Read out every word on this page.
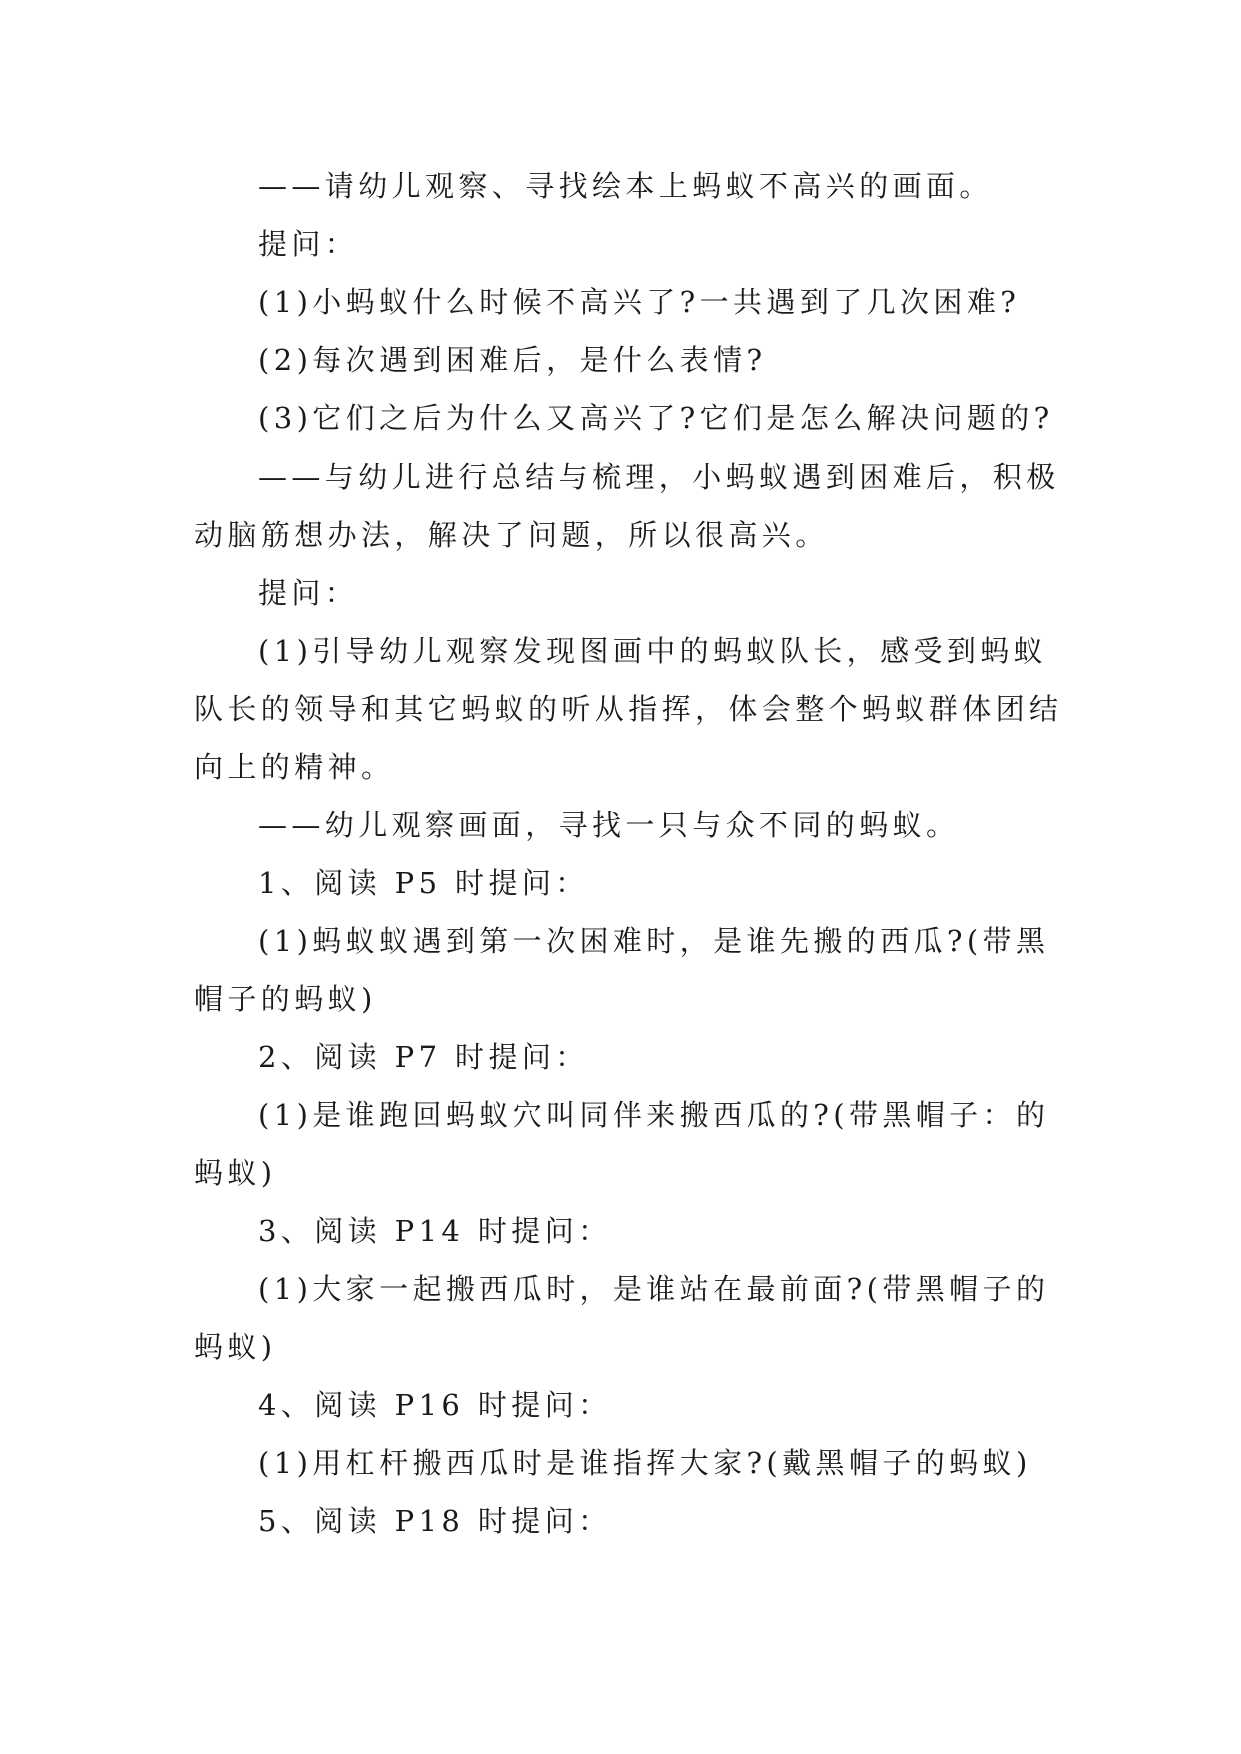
——请幼儿观察、寻找绘本上蚂蚁不高兴的画面。
提问：
(1)小蚂蚁什么时候不高兴了?一共遇到了几次困难?
(2)每次遇到困难后，是什么表情?
(3)它们之后为什么又高兴了?它们是怎么解决问题的?
——与幼儿进行总结与梳理，小蚂蚁遇到困难后，积极
动脑筋想办法，解决了问题，所以很高兴。
提问：
(1)引导幼儿观察发现图画中的蚂蚁队长，感受到蚂蚁
队长的领导和其它蚂蚁的听从指挥，体会整个蚂蚁群体团结
向上的精神。
——幼儿观察画面，寻找一只与众不同的蚂蚁。
1、阅读 P5 时提问：
(1)蚂蚁蚁遇到第一次困难时，是谁先搬的西瓜?(带黑
帽子的蚂蚁)
2、阅读 P7 时提问：
(1)是谁跑回蚂蚁穴叫同伴来搬西瓜的?(带黑帽子：的
蚂蚁)
3、阅读 P14 时提问：
(1)大家一起搬西瓜时，是谁站在最前面?(带黑帽子的
蚂蚁)
4、阅读 P16 时提问：
(1)用杠杆搬西瓜时是谁指挥大家?(戴黑帽子的蚂蚁)
5、阅读 P18 时提问：
